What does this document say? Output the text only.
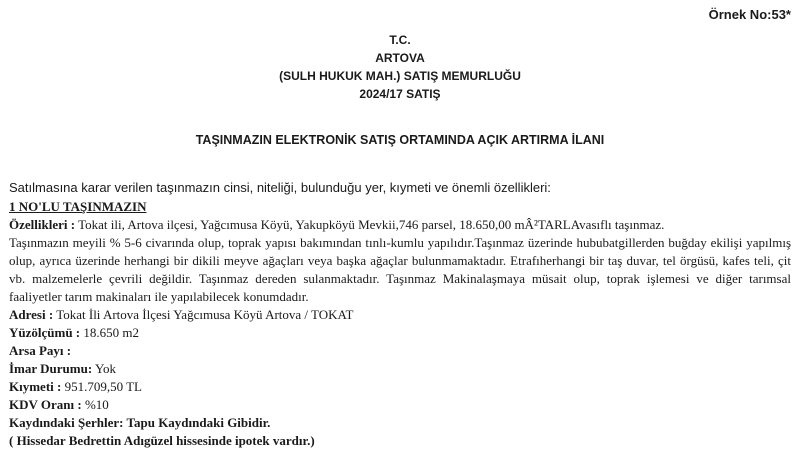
Örnek No:53*
T.C.
ARTOVA
(SULH HUKUK MAH.) SATIŞ MEMURLUĞU
2024/17 SATIŞ
TAŞINMAZIN ELEKTRONİK SATIŞ ORTAMINDA AÇIK ARTIRMA İLANI
Satılmasına karar verilen taşınmazın cinsi, niteliği, bulunduğu yer, kıymeti ve önemli özellikleri:
1 NO'LU TAŞINMAZIN
Özellikleri : Tokat ili, Artova ilçesi, Yağcımusa Köyü, Yakupköyü Mevkii,746 parsel, 18.650,00 mÂ²TARLAvasıflı taşınmaz.
Taşınmazın meyili % 5-6 civarında olup, toprak yapısı bakımından tınlı-kumlu yapılıdır.Taşınmaz üzerinde hububatgillerden buğday ekilişi yapılmış olup, ayrıca üzerinde herhangi bir dikili meyve ağaçları veya başka ağaçlar bulunmamaktadır. Etrafıherhangi bir taş duvar, tel örgüsü, kafes teli, çit vb. malzemelerle çevrili değildir. Taşınmaz dereden sulanmaktadır. Taşınmaz Makinalaşmaya müsait olup, toprak işlemesi ve diğer tarımsal faaliyetler tarım makinaları ile yapılabilecek konumdadır.
Adresi : Tokat İli Artova İlçesi Yağcımusa Köyü Artova / TOKAT
Yüzölçümü : 18.650 m2
Arsa Payı :
İmar Durumu: Yok
Kıymeti : 951.709,50 TL
KDV Oranı : %10
Kaydındaki Şerhler: Tapu Kaydındaki Gibidir.
( Hissedar Bedrettin Adıgüzel hissesinde ipotek vardır.)
